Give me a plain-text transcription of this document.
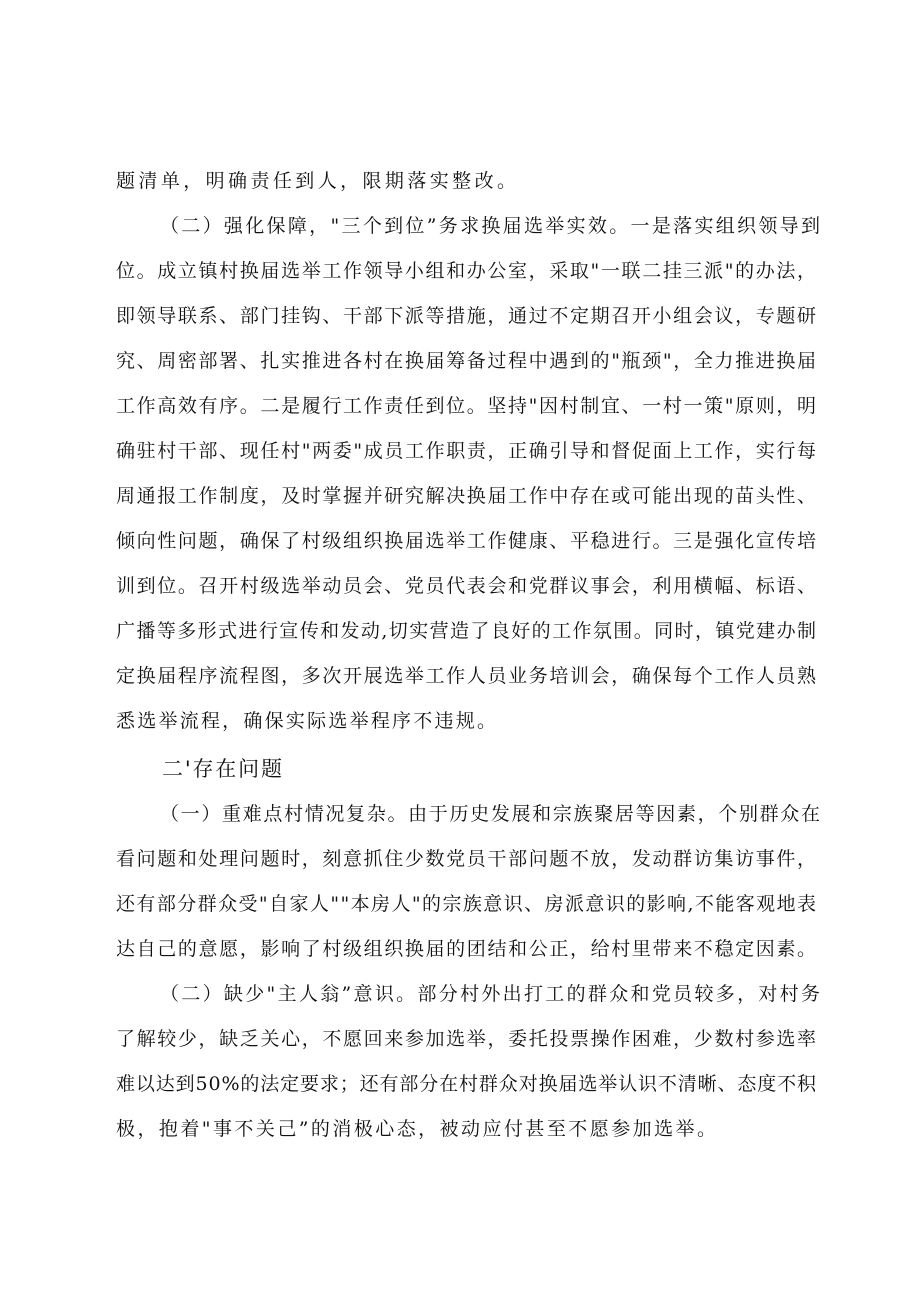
题清单，明确责任到人，限期落实整改。
（二）强化保障，"三个到位”务求换届选举实效。一是落实组织领导到
位。成立镇村换届选举工作领导小组和办公室，采取"一联二挂三派"的办法，
即领导联系、部门挂钩、干部下派等措施，通过不定期召开小组会议，专题研
究、周密部署、扎实推进各村在换届筹备过程中遇到的"瓶颈"，全力推进换届
工作高效有序。二是履行工作责任到位。坚持"因村制宜、一村一策"原则，明
确驻村干部、现任村"两委"成员工作职责，正确引导和督促面上工作，实行每
周通报工作制度，及时掌握并研究解决换届工作中存在或可能出现的苗头性、
倾向性问题，确保了村级组织换届选举工作健康、平稳进行。三是强化宣传培
训到位。召开村级选举动员会、党员代表会和党群议事会，利用横幅、标语、
广播等多形式进行宣传和发动,切实营造了良好的工作氛围。同时，镇党建办制
定换届程序流程图，多次开展选举工作人员业务培训会，确保每个工作人员熟
悉选举流程，确保实际选举程序不违规。
二'存在问题
（一）重难点村情况复杂。由于历史发展和宗族聚居等因素，个别群众在
看问题和处理问题时，刻意抓住少数党员干部问题不放，发动群访集访事件，
还有部分群众受"自家人""本房人"的宗族意识、房派意识的影响,不能客观地表
达自己的意愿，影响了村级组织换届的团结和公正，给村里带来不稳定因素。
（二）缺少"主人翁”意识。部分村外出打工的群众和党员较多，对村务
了解较少，缺乏关心，不愿回来参加选举，委托投票操作困难，少数村参选率
难以达到50%的法定要求；还有部分在村群众对换届选举认识不清晰、态度不积
极，抱着"事不关己”的消极心态，被动应付甚至不愿参加选举。
